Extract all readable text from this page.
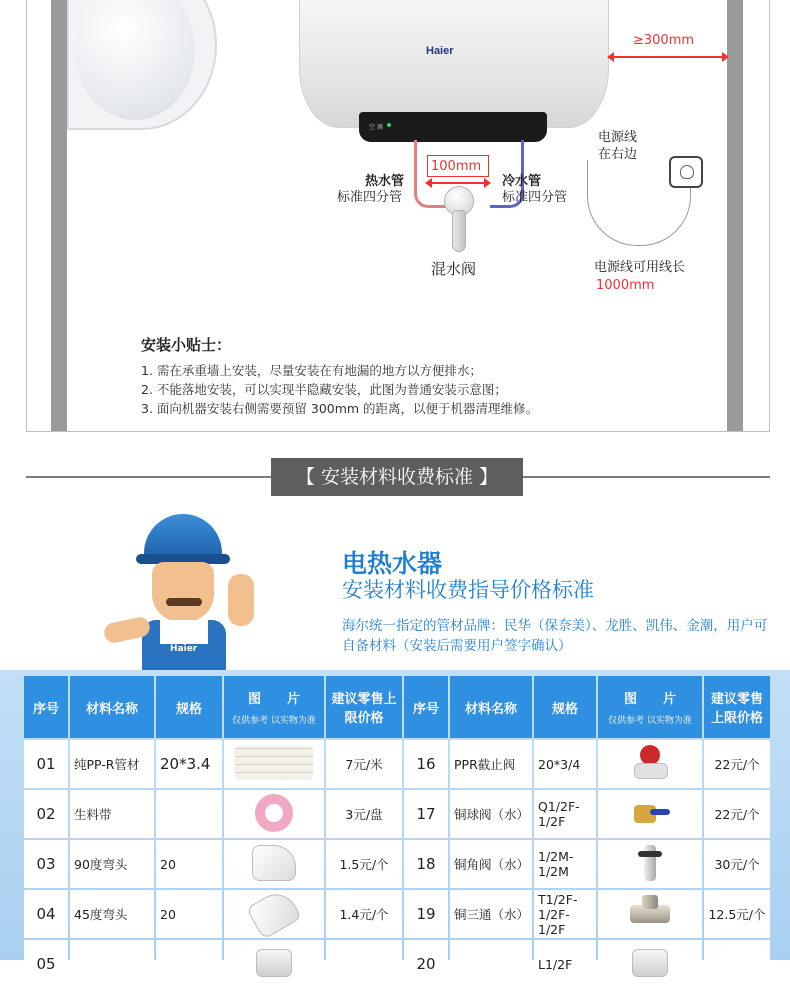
Haier
空 调
≥300mm
电源线
在右边
电源线可用线长
1000mm
100mm
热水管
标准四分管
冷水管
标准四分管
混水阀
安装小贴士：
1. 需在承重墙上安装，尽量安装在有地漏的地方以方便排水；
2. 不能落地安装，可以实现半隐藏安装，此图为普通安装示意图；
3. 面向机器安装右侧需要预留 300mm 的距离，以便于机器清理维修。
【 安装材料收费标准 】
Haier
电热水器
安装材料收费指导价格标准
海尔统一指定的管材品牌：民华（保奈美）、龙胜、凯伟、金潮，用户可自备材料（安装后需要用户签字确认）
序号	材料名称	规格	图　　片
仅供参考 以实物为准	建议零售上限价格
01	纯PP-R管材	20*3.4		7元/米
02	生料带			3元/盘
03	90度弯头	20		1.5元/个
04	45度弯头	20		1.4元/个
05				
序号	材料名称	规格	图　　片
仅供参考 以实物为准	建议零售上限价格
16	PPR截止阀	20*3/4		22元/个
17	铜球阀（水）	Q1/2F-1/2F		22元/个
18	铜角阀（水）	1/2M-1/2M		30元/个
19	铜三通（水）	T1/2F-1/2F-1/2F		12.5元/个
20		L1/2F		
